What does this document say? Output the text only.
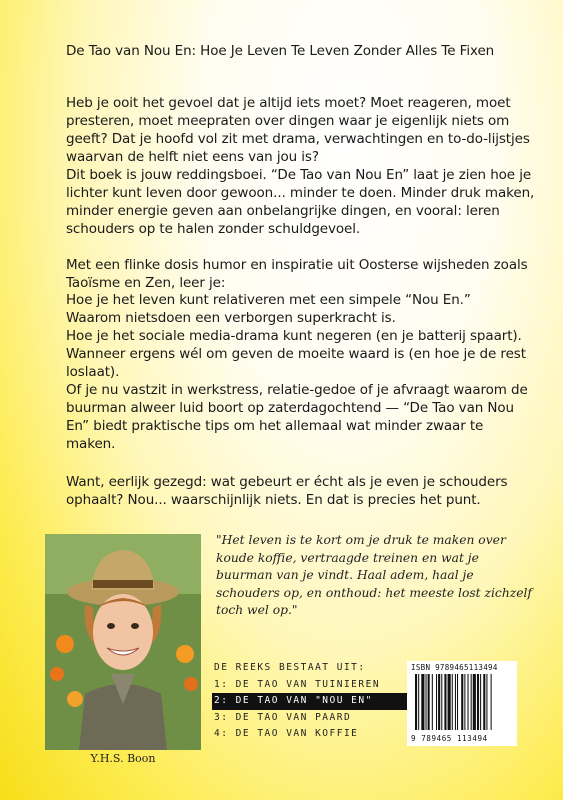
De Tao van Nou En: Hoe Je Leven Te Leven Zonder Alles Te Fixen
Heb je ooit het gevoel dat je altijd iets moet? Moet reageren, moet presteren, moet meepraten over dingen waar je eigenlijk niets om geeft? Dat je hoofd vol zit met drama, verwachtingen en to-do-lijstjes waarvan de helft niet eens van jou is?
Dit boek is jouw reddingsboei. “De Tao van Nou En” laat je zien hoe je lichter kunt leven door gewoon... minder te doen. Minder druk maken, minder energie geven aan onbelangrijke dingen, en vooral: leren schouders op te halen zonder schuldgevoel.
Met een flinke dosis humor en inspiratie uit Oosterse wijsheden zoals Taoïsme en Zen, leer je:

Hoe je het leven kunt relativeren met een simpele “Nou En.”

Waarom nietsdoen een verborgen superkracht is.

Hoe je het sociale media-drama kunt negeren (en je batterij spaart).

Wanneer ergens wél om geven de moeite waard is (en hoe je de rest loslaat).

Of je nu vastzit in werkstress, relatie-gedoe of je afvraagt waarom de buurman alweer luid boort op zaterdagochtend — “De Tao van Nou En” biedt praktische tips om het allemaal wat minder zwaar te maken.

Want, eerlijk gezegd: wat gebeurt er écht als je even je schouders ophaalt? Nou... waarschijnlijk niets. En dat is precies het punt.
Y.H.S. Boon
"Het leven is te kort om je druk te maken over koude koffie, vertraagde treinen en wat je buurman van je vindt. Haal adem, haal je schouders op, en onthoud: het meeste lost zichzelf toch wel op."
DE REEKS BESTAAT UIT:
1: DE TAO VAN TUINIEREN
2: DE TAO VAN "NOU EN"
3: DE TAO VAN PAARD
4: DE TAO VAN KOFFIE
ISBN 9789465113494
9 789465 113494
